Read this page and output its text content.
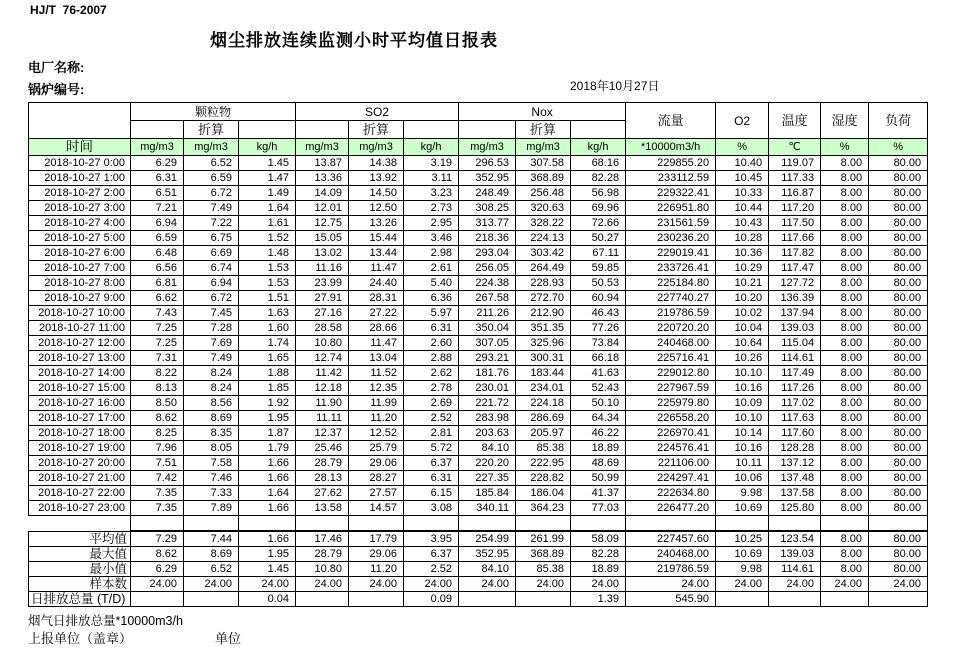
HJ/T  76-2007
烟尘排放连续监测小时平均值日报表
电厂名称:
锅炉编号:	2018年10月27日
	颗粒物			SO2			Nox			流量	O2	温度	湿度	负荷
		折算			折算			折算						
时间	mg/m3	mg/m3	kg/h	mg/m3	mg/m3	kg/h	mg/m3	mg/m3	kg/h	*10000m3/h	%	℃	%	%
2018-10-27 0:00	6.29	6.52	1.45	13.87	14.38	3.19	296.53	307.58	68.16	229855.20	10.40	119.07	8.00	80.00
2018-10-27 1:00	6.31	6.59	1.47	13.36	13.92	3.11	352.95	368.89	82.28	233112.59	10.45	117.33	8.00	80.00
2018-10-27 2:00	6.51	6.72	1.49	14.09	14.50	3.23	248.49	256.48	56.98	229322.41	10.33	116.87	8.00	80.00
2018-10-27 3:00	7.21	7.49	1.64	12.01	12.50	2.73	308.25	320.63	69.96	226951.80	10.44	117.20	8.00	80.00
2018-10-27 4:00	6.94	7.22	1.61	12.75	13.26	2.95	313.77	328.22	72.66	231561.59	10.43	117.50	8.00	80.00
2018-10-27 5:00	6.59	6.75	1.52	15.05	15.44	3.46	218.36	224.13	50.27	230236.20	10.28	117.66	8.00	80.00
2018-10-27 6:00	6.48	6.69	1.48	13.02	13.44	2.98	293.04	303.42	67.11	229019.41	10.36	117.82	8.00	80.00
2018-10-27 7:00	6.56	6.74	1.53	11.16	11.47	2.61	256.05	264.49	59.85	233726.41	10.29	117.47	8.00	80.00
2018-10-27 8:00	6.81	6.94	1.53	23.99	24.40	5.40	224.38	228.93	50.53	225184.80	10.21	127.72	8.00	80.00
2018-10-27 9:00	6.62	6.72	1.51	27.91	28.31	6.36	267.58	272.70	60.94	227740.27	10.20	136.39	8.00	80.00
2018-10-27 10:00	7.43	7.45	1.63	27.16	27.22	5.97	211.26	212.90	46.43	219786.59	10.02	137.94	8.00	80.00
2018-10-27 11:00	7.25	7.28	1.60	28.58	28.66	6.31	350.04	351.35	77.26	220720.20	10.04	139.03	8.00	80.00
2018-10-27 12:00	7.25	7.69	1.74	10.80	11.47	2.60	307.05	325.96	73.84	240468.00	10.64	115.04	8.00	80.00
2018-10-27 13:00	7.31	7.49	1.65	12.74	13.04	2.88	293.21	300.31	66.18	225716.41	10.26	114.61	8.00	80.00
2018-10-27 14:00	8.22	8.24	1.88	11.42	11.52	2.62	181.76	183.44	41.63	229012.80	10.10	117.49	8.00	80.00
2018-10-27 15:00	8.13	8.24	1.85	12.18	12.35	2.78	230.01	234.01	52.43	227967.59	10.16	117.26	8.00	80.00
2018-10-27 16:00	8.50	8.56	1.92	11.90	11.99	2.69	221.72	224.18	50.10	225979.80	10.09	117.02	8.00	80.00
2018-10-27 17:00	8.62	8.69	1.95	11.11	11.20	2.52	283.98	286.69	64.34	226558.20	10.10	117.63	8.00	80.00
2018-10-27 18:00	8.25	8.35	1.87	12.37	12.52	2.81	203.63	205.97	46.22	226970.41	10.14	117.60	8.00	80.00
2018-10-27 19:00	7.96	8.05	1.79	25.46	25.79	5.72	84.10	85.38	18.89	224576.41	10.16	128.28	8.00	80.00
2018-10-27 20:00	7.51	7.58	1.66	28.79	29.06	6.37	220.20	222.95	48.69	221106.00	10.11	137.12	8.00	80.00
2018-10-27 21:00	7.42	7.46	1.66	28.13	28.27	6.31	227.35	228.82	50.99	224297.41	10.06	137.48	8.00	80.00
2018-10-27 22:00	7.35	7.33	1.64	27.62	27.57	6.15	185.84	186.04	41.37	222634.80	9.98	137.58	8.00	80.00
2018-10-27 23:00	7.35	7.89	1.66	13.58	14.57	3.08	340.11	364.23	77.03	226477.20	10.69	125.80	8.00	80.00

平均值	7.29	7.44	1.66	17.46	17.79	3.95	254.99	261.99	58.09	227457.60	10.25	123.54	8.00	80.00
最大值	8.62	8.69	1.95	28.79	29.06	6.37	352.95	368.89	82.28	240468.00	10.69	139.03	8.00	80.00
最小值	6.29	6.52	1.45	10.80	11.20	2.52	84.10	85.38	18.89	219786.59	9.98	114.61	8.00	80.00
样本数	24.00	24.00	24.00	24.00	24.00	24.00	24.00	24.00	24.00	24.00	24.00	24.00	24.00	24.00
日排放总量 (T/D)			0.04			0.09			1.39	545.90				
烟气日排放总量*10000m3/h
上报单位（盖章）	单位
